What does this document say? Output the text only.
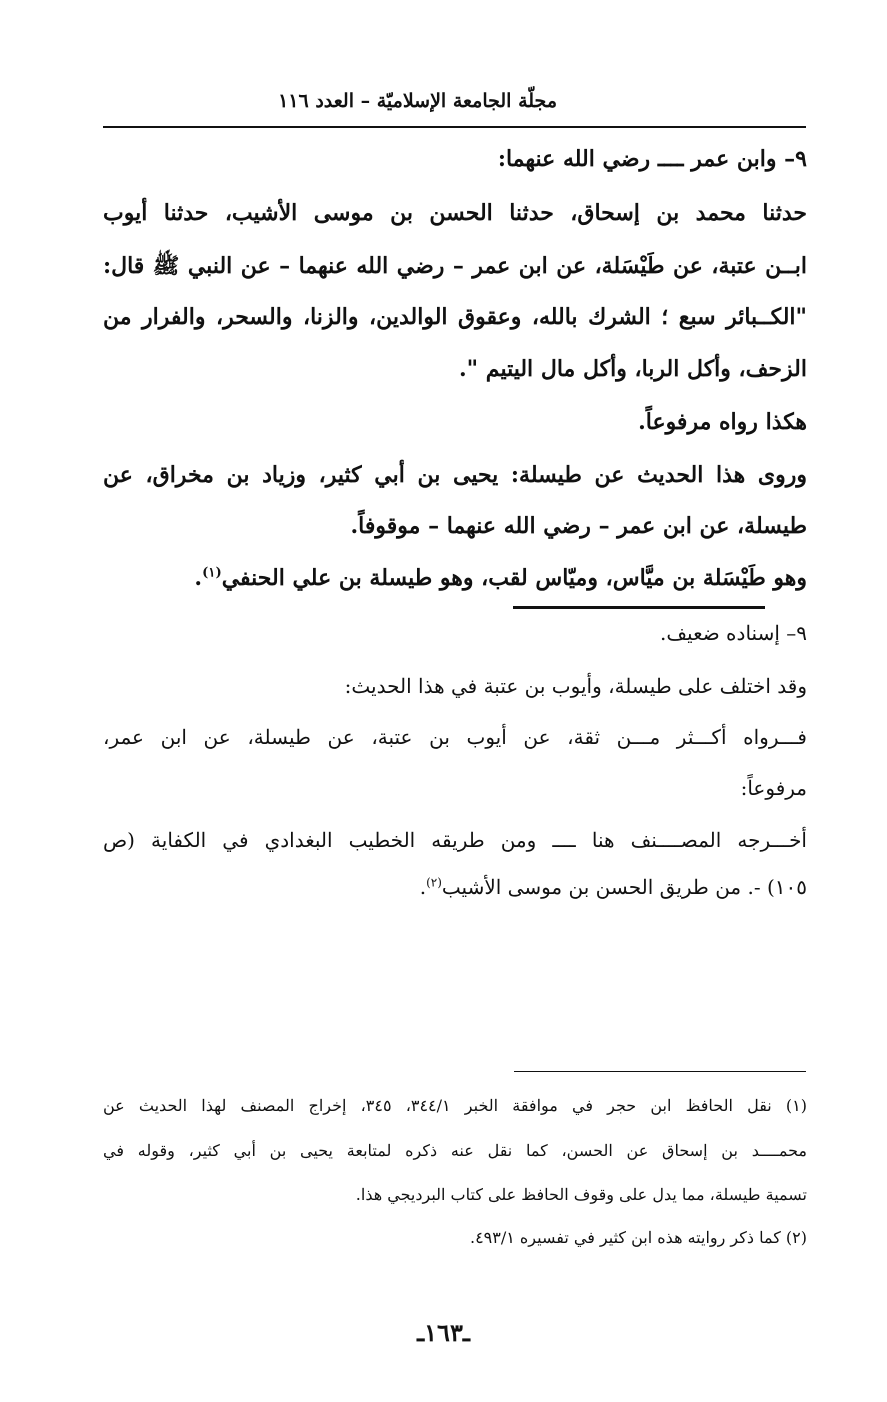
مجلّة الجامعة الإسلاميّة – العدد ١١٦
٩– وابن عمر ــــ رضي الله عنهما:
حدثنا محمد بن إسحاق، حدثنا الحسن بن موسى الأشيب، حدثنا أيوب
ابــن عتبة، عن طَيْسَلة، عن ابن عمر – رضي الله عنهما – عن النبي ﷺ قال:
"الكــبائر سبع ؛ الشرك بالله، وعقوق الوالدين، والزنا، والسحر، والفرار من
الزحف، وأكل الربا، وأكل مال اليتيم ".
هكذا رواه مرفوعاً.
وروى هذا الحديث عن طيسلة: يحيى بن أبي كثير، وزياد بن مخراق، عن
طيسلة، عن ابن عمر – رضي الله عنهما – موقوفاً.
وهو طَيْسَلة بن ميَّاس، وميّاس لقب، وهو طيسلة بن علي الحنفي$^{(١)}$.
٩– إسناده ضعيف.
وقد اختلف على طيسلة، وأيوب بن عتبة في هذا الحديث:
فـــرواه أكـــثر مـــن ثقة، عن أيوب بن عتبة، عن طيسلة، عن ابن عمر،
مرفوعاً:
أخـــرجه المصــــنف هنا ــــ ومن طريقه الخطيب البغدادي في الكفاية (ص
١٠٥) -. من طريق الحسن بن موسى الأشيب$^{(٢)}$.
(١) نقل الحافظ ابن حجر في موافقة الخبر ٣٤٤/١، ٣٤٥، إخراج المصنف لهذا الحديث عن
محمــــد بن إسحاق عن الحسن، كما نقل عنه ذكره لمتابعة يحيى بن أبي كثير، وقوله في
تسمية طيسلة، مما يدل على وقوف الحافظ على كتاب البرديجي هذا.
(٢) كما ذكر روايته هذه ابن كثير في تفسيره ٤٩٣/١.
ـ١٦٣ـ
